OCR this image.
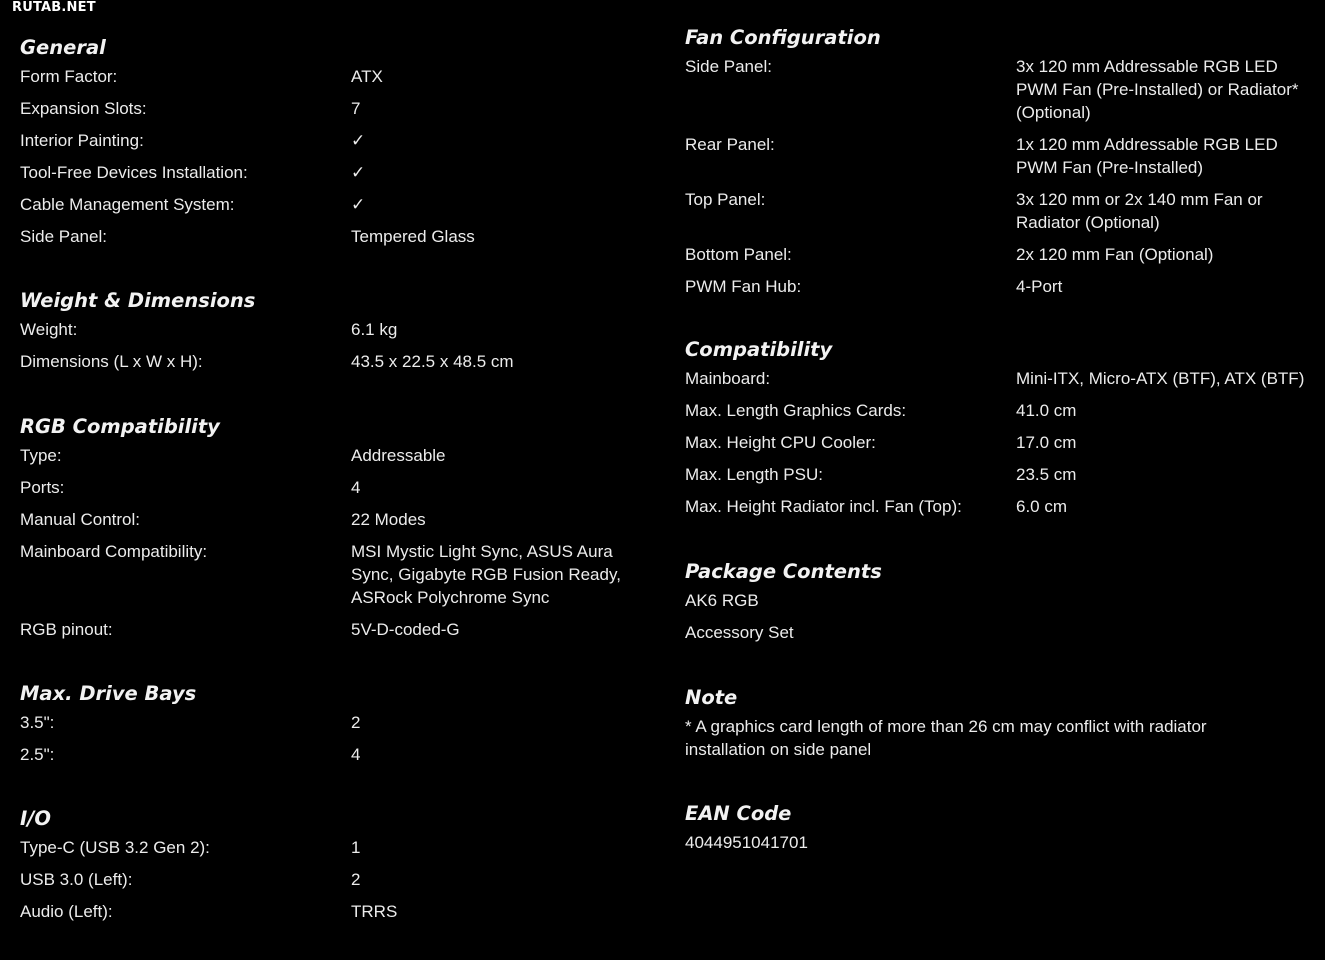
RUTAB.NET
General
Form Factor:	ATX
Expansion Slots:	7
Interior Painting:	✓
Tool-Free Devices Installation:	✓
Cable Management System:	✓
Side Panel:	Tempered Glass
Weight & Dimensions
Weight:	6.1 kg
Dimensions (L x W x H):	43.5 x 22.5 x 48.5 cm
RGB Compatibility
Type:	Addressable
Ports:	4
Manual Control:	22 Modes
Mainboard Compatibility:	MSI Mystic Light Sync, ASUS Aura Sync, Gigabyte RGB Fusion Ready, ASRock Polychrome Sync
RGB pinout:	5V-D-coded-G
Max. Drive Bays
3.5":	2
2.5":	4
I/O
Type-C (USB 3.2 Gen 2):	1
USB 3.0 (Left):	2
Audio (Left):	TRRS
Fan Configuration
Side Panel:	3x 120 mm Addressable RGB LED PWM Fan (Pre-Installed) or Radiator* (Optional)
Rear Panel:	1x 120 mm Addressable RGB LED PWM Fan (Pre-Installed)
Top Panel:	3x 120 mm or 2x 140 mm Fan or Radiator (Optional)
Bottom Panel:	2x 120 mm Fan (Optional)
PWM Fan Hub:	4-Port
Compatibility
Mainboard:	Mini-ITX, Micro-ATX (BTF), ATX (BTF)
Max. Length Graphics Cards:	41.0 cm
Max. Height CPU Cooler:	17.0 cm
Max. Length PSU:	23.5 cm
Max. Height Radiator incl. Fan (Top):	6.0 cm
Package Contents
AK6 RGB
Accessory Set
Note
* A graphics card length of more than 26 cm may conflict with radiator installation on side panel
EAN Code
4044951041701
